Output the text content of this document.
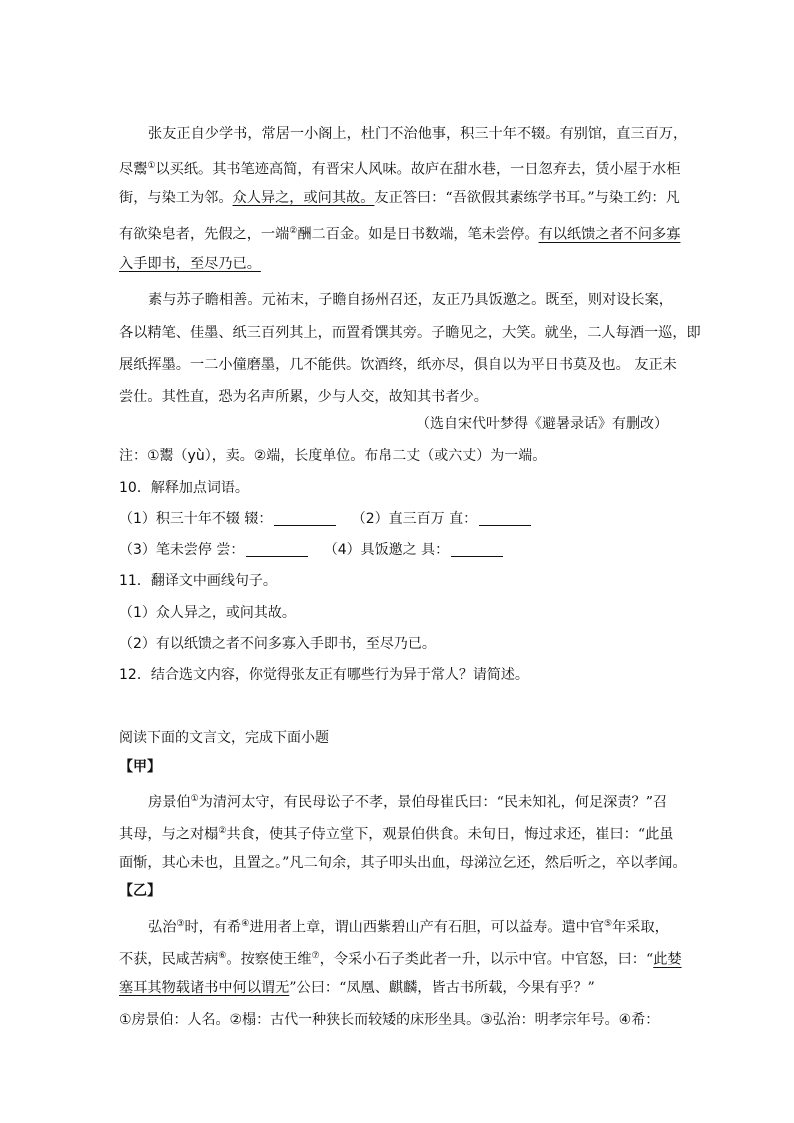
张友正自少学书，常居一小阁上，杜门不治他事，积三十年不辍。有别馆，直三百万，
尽鬻①以买纸。其书笔迹高简，有晋宋人风味。故庐在甜水巷，一日忽弃去，赁小屋于水柜
街，与染工为邻。众人异之，或问其故。友正答曰：“吾欲假其素练学书耳。”与染工约：凡
有欲染皂者，先假之，一端②酬二百金。如是日书数端，笔未尝停。有以纸馈之者不问多寡
入手即书，至尽乃已。
素与苏子瞻相善。元祐末，子瞻自扬州召还，友正乃具饭邀之。既至，则对设长案，
各以精笔、佳墨、纸三百列其上，而置肴馔其旁。子瞻见之，大笑。就坐，二人每酒一巡，即
展纸挥墨。一二小僮磨墨，几不能供。饮酒终，纸亦尽，俱自以为平日书莫及也。 友正未
尝仕。其性直，恐为名声所累，少与人交，故知其书者少。
（选自宋代叶梦得《避暑录话》有删改）
注：①鬻（yù），卖。②端，长度单位。布帛二丈（或六丈）为一端。
10．解释加点词语。
（1）积三十年不辍 辍：	（2）直三百万 直：
（3）笔未尝停 尝：	（4）具饭邀之 具：
11．翻译文中画线句子。
（1）众人异之，或问其故。
（2）有以纸馈之者不问多寡入手即书，至尽乃已。
12．结合选文内容，你觉得张友正有哪些行为异于常人？请简述。
阅读下面的文言文，完成下面小题
【甲】
房景伯①为清河太守，有民母讼子不孝，景伯母崔氏曰：“民未知礼，何足深责？”召
其母，与之对榻②共食，使其子侍立堂下，观景伯供食。未旬日，悔过求还，崔曰：“此虽
面惭，其心未也，且置之。”凡二旬余，其子叩头出血，母涕泣乞还，然后听之，卒以孝闻。
【乙】
弘治③时，有希④进用者上章，谓山西紫碧山产有石胆，可以益寿。遣中官⑤年采取，
不获，民咸苦病⑥。按察使王维⑦，令采小石子类此者一升，以示中官。中官怒，曰：“此婪
塞耳其物载诸书中何以谓无”公曰：“凤凰、麒麟，皆古书所载，今果有乎？”
①房景伯：人名。②榻：古代一种狭长而较矮的床形坐具。③弘治：明孝宗年号。④希：
